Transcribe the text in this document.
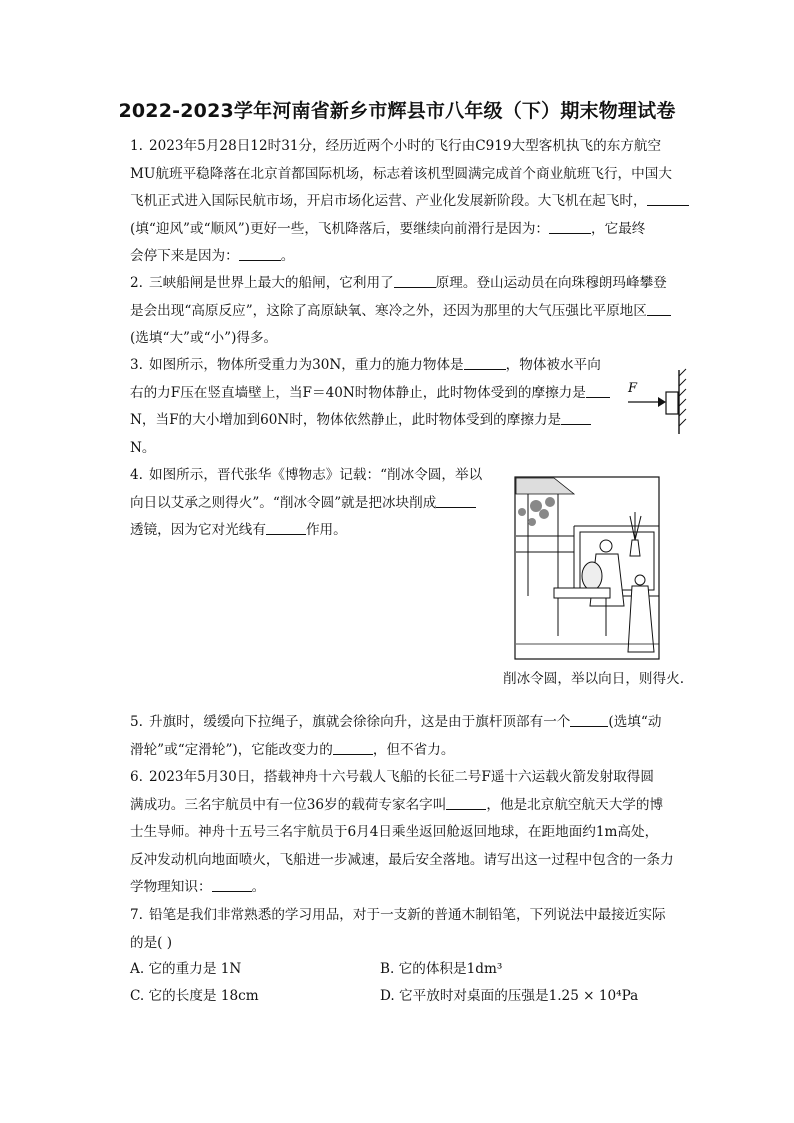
2022-2023学年河南省新乡市辉县市八年级（下）期末物理试卷

1. 2023年5月28日12时31分，经历近两个小时的飞行由C919大型客机执飞的东方航空

MU航班平稳降落在北京首都国际机场，标志着该机型圆满完成首个商业航班飞行，中国大

飞机正式进入国际民航市场，开启市场化运营、产业化发展新阶段。大飞机在起飞时，

(填“迎风”或“顺风”)更好一些，飞机降落后，要继续向前滑行是因为：	，它最终

会停下来是因为：	。

2. 三峡船闸是世界上最大的船闸，它利用了	原理。登山运动员在向珠穆朗玛峰攀登

是会出现“高原反应”，这除了高原缺氧、寒冷之外，还因为那里的大气压强比平原地区

(选填“大”或“小”)得多。

3. 如图所示，物体所受重力为30N，重力的施力物体是	，物体被水平向

右的力F压在竖直墙壁上，当F＝40N时物体静止，此时物体受到的摩擦力是

N，当F的大小增加到60N时，物体依然静止，此时物体受到的摩擦力是

N。

F

4. 如图所示，晋代张华《博物志》记载：“削冰令圆，举以

向日以艾承之则得火”。“削冰令圆”就是把冰块削成

透镜，因为它对光线有	作用。

削冰令圆，举以向日，则得火.

5. 升旗时，缓缓向下拉绳子，旗就会徐徐向升，这是由于旗杆顶部有一个	(选填“动

滑轮”或“定滑轮”)，它能改变力的	，但不省力。

6. 2023年5月30日，搭载神舟十六号载人飞船的长征二号F遥十六运载火箭发射取得圆

满成功。三名宇航员中有一位36岁的载荷专家名字叫	，他是北京航空航天大学的博

士生导师。神舟十五号三名宇航员于6月4日乘坐返回舱返回地球，在距地面约1m高处，

反冲发动机向地面喷火，飞船进一步减速，最后安全落地。请写出这一过程中包含的一条力

学物理知识：	。

7. 铅笔是我们非常熟悉的学习用品，对于一支新的普通木制铅笔，下列说法中最接近实际

的是( )

A. 它的重力是 1N	B. 它的体积是1dm³
C. 它的长度是 18cm	D. 它平放时对桌面的压强是1.25 × 10⁴Pa
